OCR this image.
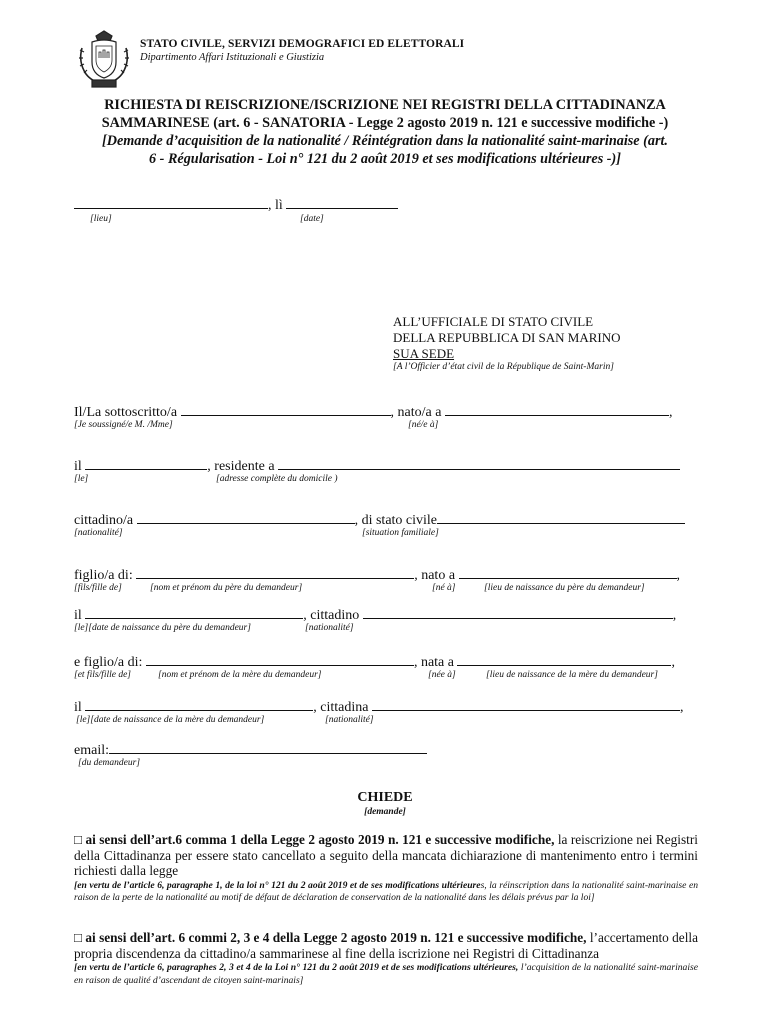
STATO CIVILE, SERVIZI DEMOGRAFICI ED ELETTORALI
Dipartimento Affari Istituzionali e Giustizia
RICHIESTA DI REISCRIZIONE/ISCRIZIONE NEI REGISTRI DELLA CITTADINANZA
SAMMARINESE (art. 6 - SANATORIA - Legge 2 agosto 2019 n. 121 e successive modifiche -)
[Demande d’acquisition de la nationalité / Réintégration dans la nationalité saint-marinaise (art.
6 - Régularisation - Loi n° 121 du 2 août 2019 et ses modifications ultérieures -)]
, lì
[lieu]	[date]
ALL’UFFICIALE DI STATO CIVILE
DELLA REPUBBLICA DI SAN MARINO
SUA SEDE
[A l’Officier d’état civil de la République de Saint-Marin]
Il/La sottoscritto/a	, nato/a a	,
[Je soussigné/e M. /Mme]	[né/e à]
il	, residente a
[le]	[adresse complète du domicile )
cittadino/a	, di stato civile
[nationalité]	[situation familiale]
figlio/a di:	, nato a	,
[fils/fille de]	[nom et prénom du père du demandeur]	[né à]	[lieu de naissance du père du demandeur]
il	, cittadino	,
[le][date de naissance du père du demandeur]	[nationalité]
e figlio/a di:	, nata a	,
[et fils/fille de]	[nom et prénom de la mère du demandeur]	[née à]	[lieu de naissance de la mère du demandeur]
il	, cittadina	,
[le][date de naissance de la mère du demandeur]	[nationalité]
email:
[du demandeur]
CHIEDE
[demande]
□ ai sensi dell’art.6 comma 1 della Legge 2 agosto 2019 n. 121 e successive modifiche, la reiscrizione nei Registri della Cittadinanza per essere stato cancellato a seguito della mancata dichiarazione di mantenimento entro i termini richiesti dalla legge
[en vertu de l’article 6, paragraphe 1, de la loi n° 121 du 2 août 2019 et de ses modifications ultérieures, la réinscription dans la nationalité saint-marinaise en raison de la perte de la nationalité au motif de défaut de déclaration de conservation de la nationalité dans les délais prévus par la loi]
□ ai sensi dell’art. 6 commi 2, 3 e 4 della Legge 2 agosto 2019 n. 121 e successive modifiche, l’accertamento della propria discendenza da cittadino/a sammarinese al fine della iscrizione nei Registri di Cittadinanza
[en vertu de l’article 6, paragraphes 2, 3 et 4 de la Loi n° 121 du 2 août 2019 et de ses modifications ultérieures, l’acquisition de la nationalité saint-marinaise en raison de qualité d’ascendant de citoyen saint-marinais]
